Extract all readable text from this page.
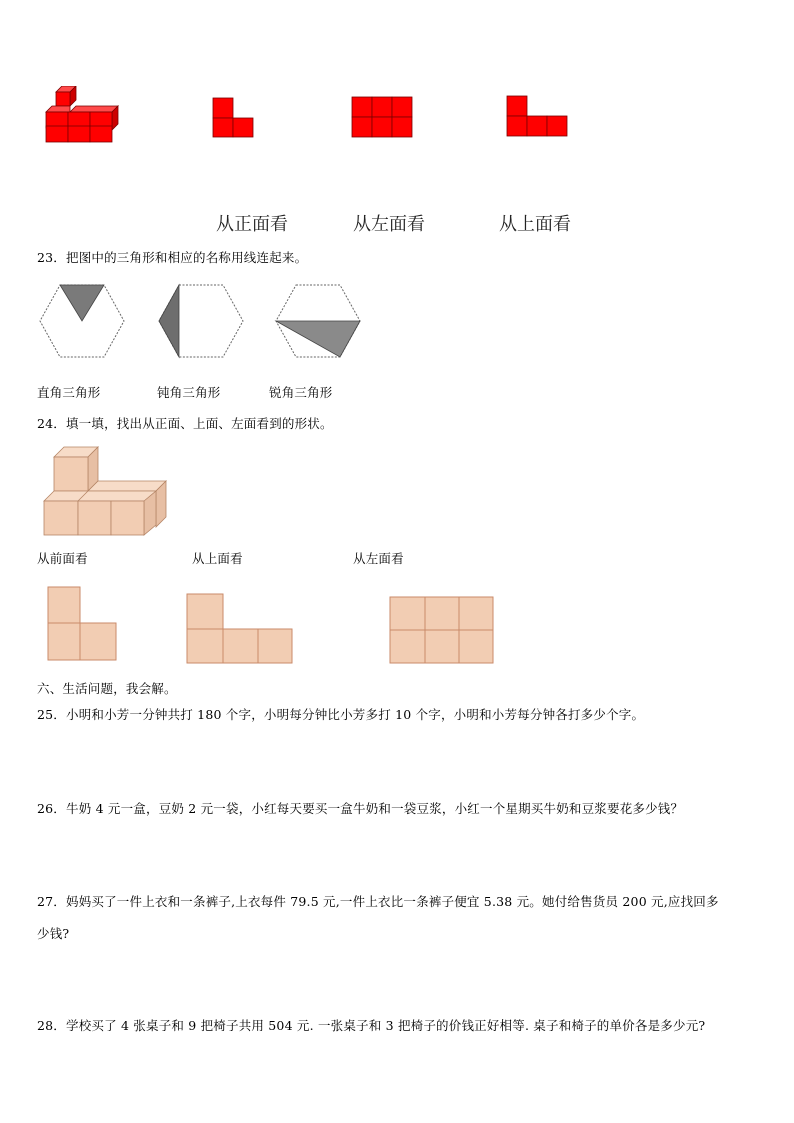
从正面看	从左面看	从上面看
23．把图中的三角形和相应的名称用线连起来。
直角三角形	钝角三角形	锐角三角形
24．填一填，找出从正面、上面、左面看到的形状。
从前面看	从上面看	从左面看
六、生活问题，我会解。
25．小明和小芳一分钟共打 180 个字，小明每分钟比小芳多打 10 个字，小明和小芳每分钟各打多少个字。
26．牛奶 4 元一盒，豆奶 2 元一袋，小红每天要买一盒牛奶和一袋豆浆，小红一个星期买牛奶和豆浆要花多少钱？
27．妈妈买了一件上衣和一条裤子,上衣每件 79.5 元,一件上衣比一条裤子便宜 5.38 元。她付给售货员 200 元,应找回多
少钱?
28．学校买了 4 张桌子和 9 把椅子共用 504 元. 一张桌子和 3 把椅子的价钱正好相等. 桌子和椅子的单价各是多少元?
